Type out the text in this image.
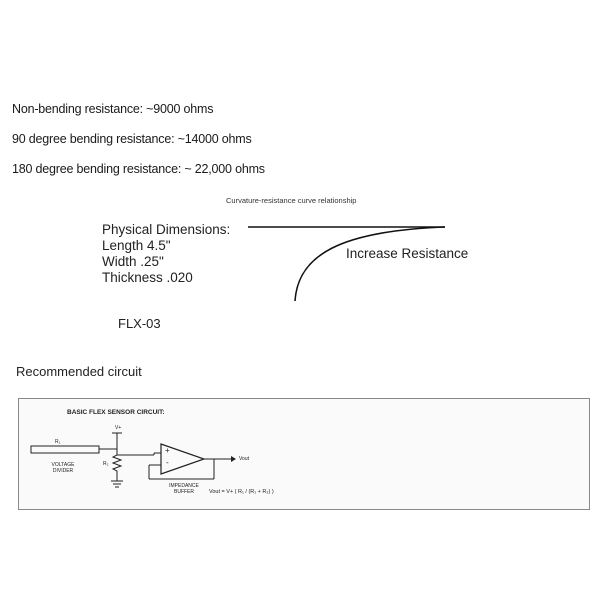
Non-bending resistance: ~9000 ohms
90 degree bending resistance: ~14000 ohms
180 degree bending resistance: ~ 22,000 ohms
Curvature-resistance curve relationship
Physical Dimensions:
Length 4.5"
Width .25"
Thickness .020
Increase Resistance
FLX-03
Recommended circuit
BASIC FLEX SENSOR CIRCUIT:
V+
R₁
R₂
VOLTAGE
DIVIDER
+
-	Vout
IMPEDANCE
BUFFER	Vout = V+ ( R₁ / (R₁ + R₂) )
